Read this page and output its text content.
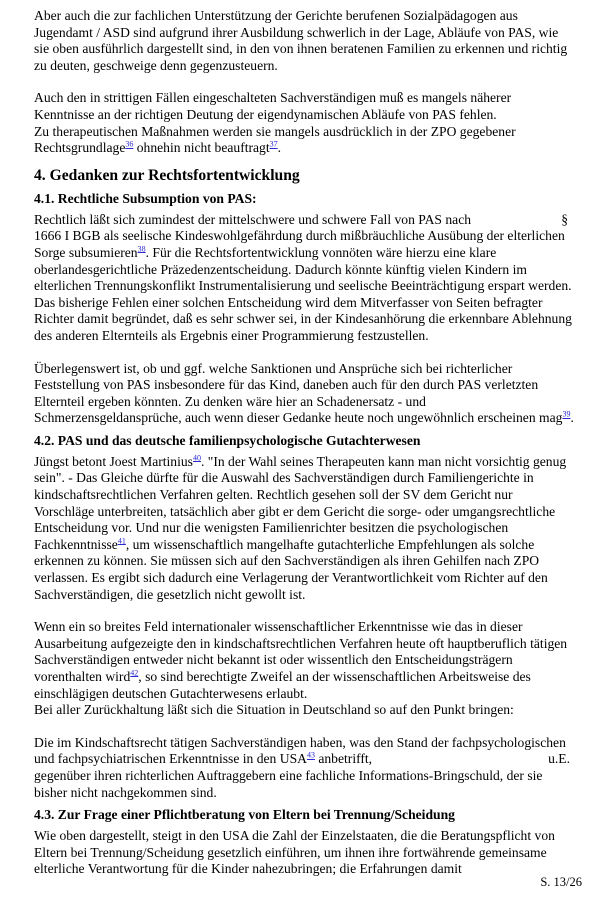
Aber auch die zur fachlichen Unterstützung der Gerichte berufenen Sozialpädagogen aus Jugendamt / ASD sind aufgrund ihrer Ausbildung schwerlich in der Lage, Abläufe von PAS, wie sie oben ausführlich dargestellt sind, in den von ihnen beratenen Familien zu erkennen und richtig zu deuten, geschweige denn gegenzusteuern.

Auch den in strittigen Fällen eingeschalteten Sachverständigen muß es mangels näherer Kenntnisse an der richtigen Deutung der eigendynamischen Abläufe von PAS fehlen.
Zu therapeutischen Maßnahmen werden sie mangels ausdrücklich in der ZPO gegebener Rechtsgrundlage$^{36}$ ohnehin nicht beauftragt$^{37}$.

4. Gedanken zur Rechtsfortentwicklung
4.1. Rechtliche Subsumption von PAS:

§
Rechtlich läßt sich zumindest der mittelschwere und schwere Fall von PAS nach
1666 I BGB als seelische Kindeswohlgefährdung durch mißbräuchliche Ausübung der elterlichen Sorge subsumieren$^{38}$. Für die Rechtsfortentwicklung vonnöten wäre hierzu eine klare oberlandesgerichtliche Präzedenzentscheidung. Dadurch könnte künftig vielen Kindern im elterlichen Trennungskonflikt Instrumentalisierung und seelische Beeinträchtigung erspart werden. Das bisherige Fehlen einer solchen Entscheidung wird dem Mitverfasser von Seiten befragter Richter damit begründet, daß es sehr schwer sei, in der Kindesanhörung die erkennbare Ablehnung des anderen Elternteils als Ergebnis einer Programmierung festzustellen.

Überlegenswert ist, ob und ggf. welche Sanktionen und Ansprüche sich bei richterlicher Feststellung von PAS insbesondere für das Kind, daneben auch für den durch PAS verletzten Elternteil ergeben könnten. Zu denken wäre hier an Schadenersatz - und Schmerzensgeldansprüche, auch wenn dieser Gedanke heute noch ungewöhnlich erscheinen mag$^{39}$.

4.2. PAS und das deutsche familienpsychologische Gutachterwesen

Jüngst betont Joest Martinius$^{40}$. "In der Wahl seines Therapeuten kann man nicht vorsichtig genug sein". - Das Gleiche dürfte für die Auswahl des Sachverständigen durch Familiengerichte in kindschaftsrechtlichen Verfahren gelten. Rechtlich gesehen soll der SV dem Gericht nur Vorschläge unterbreiten, tatsächlich aber gibt er dem Gericht die sorge- oder umgangsrechtliche Entscheidung vor. Und nur die wenigsten Familienrichter besitzen die psychologischen Fachkenntnisse$^{41}$, um wissenschaftlich mangelhafte gutachterliche Empfehlungen als solche erkennen zu können. Sie müssen sich auf den Sachverständigen als ihren Gehilfen nach ZPO verlassen. Es ergibt sich dadurch eine Verlagerung der Verantwortlichkeit vom Richter auf den Sachverständigen, die gesetzlich nicht gewollt ist.

Wenn ein so breites Feld internationaler wissenschaftlicher Erkenntnisse wie das in dieser Ausarbeitung aufgezeigte den in kindschaftsrechtlichen Verfahren heute oft hauptberuflich tätigen Sachverständigen entweder nicht bekannt ist oder wissentlich den Entscheidungsträgern vorenthalten wird$^{42}$, so sind berechtigte Zweifel an der wissenschaftlichen Arbeitsweise des einschlägigen deutschen Gutachterwesens erlaubt.
Bei aller Zurückhaltung läßt sich die Situation in Deutschland so auf den Punkt bringen:

Die im Kindschaftsrecht tätigen Sachverständigen haben, was den Stand der fachpsychologischen und fachpsychiatrischen Erkenntnisse in den USA$^{43}$ anbetrifft,	u.E.

gegenüber ihren richterlichen Auftraggebern eine fachliche Informations-Bringschuld, der sie bisher nicht nachgekommen sind.

4.3. Zur Frage einer Pflichtberatung von Eltern bei Trennung/Scheidung

Wie oben dargestellt, steigt in den USA die Zahl der Einzelstaaten, die die Beratungspflicht von Eltern bei Trennung/Scheidung gesetzlich einführen, um ihnen ihre fortwährende gemeinsame elterliche Verantwortung für die Kinder nahezubringen; die Erfahrungen damit

S. 13/26
